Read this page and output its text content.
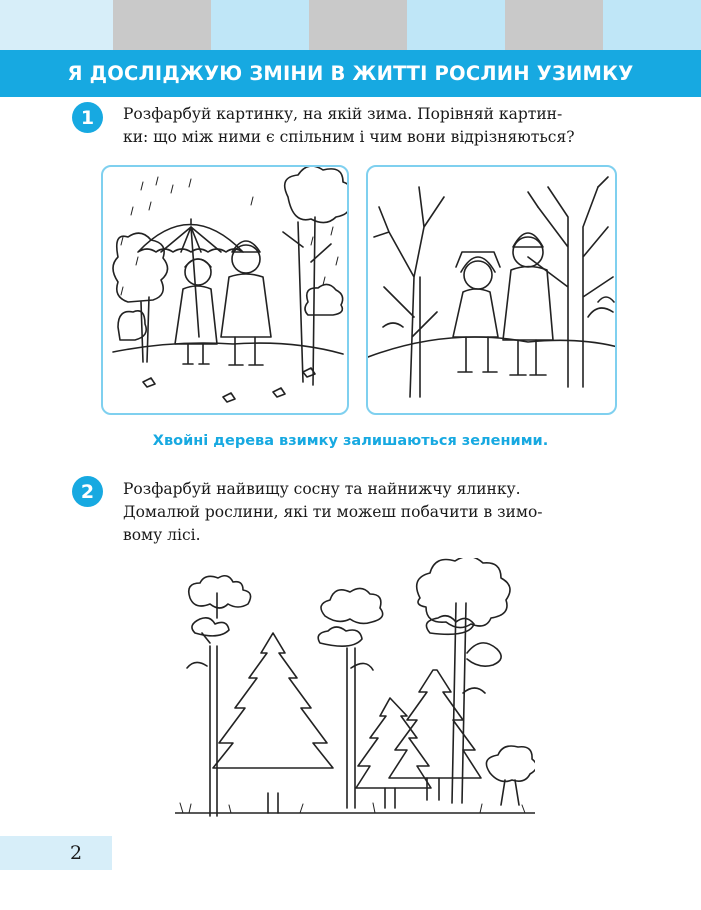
Я ДОСЛІДЖУЮ ЗМІНИ В ЖИТТІ РОСЛИН УЗИМКУ
1	Розфарбуй картинку, на якій зима. Порівняй картин-
ки: що між ними є спільним і чим вони відрізняються?
Хвойні дерева взимку залишаються зеленими.
2	Розфарбуй найвищу сосну та найнижчу ялинку.
Домалюй рослини, які ти можеш побачити в зимо-
вому лісі.
2
